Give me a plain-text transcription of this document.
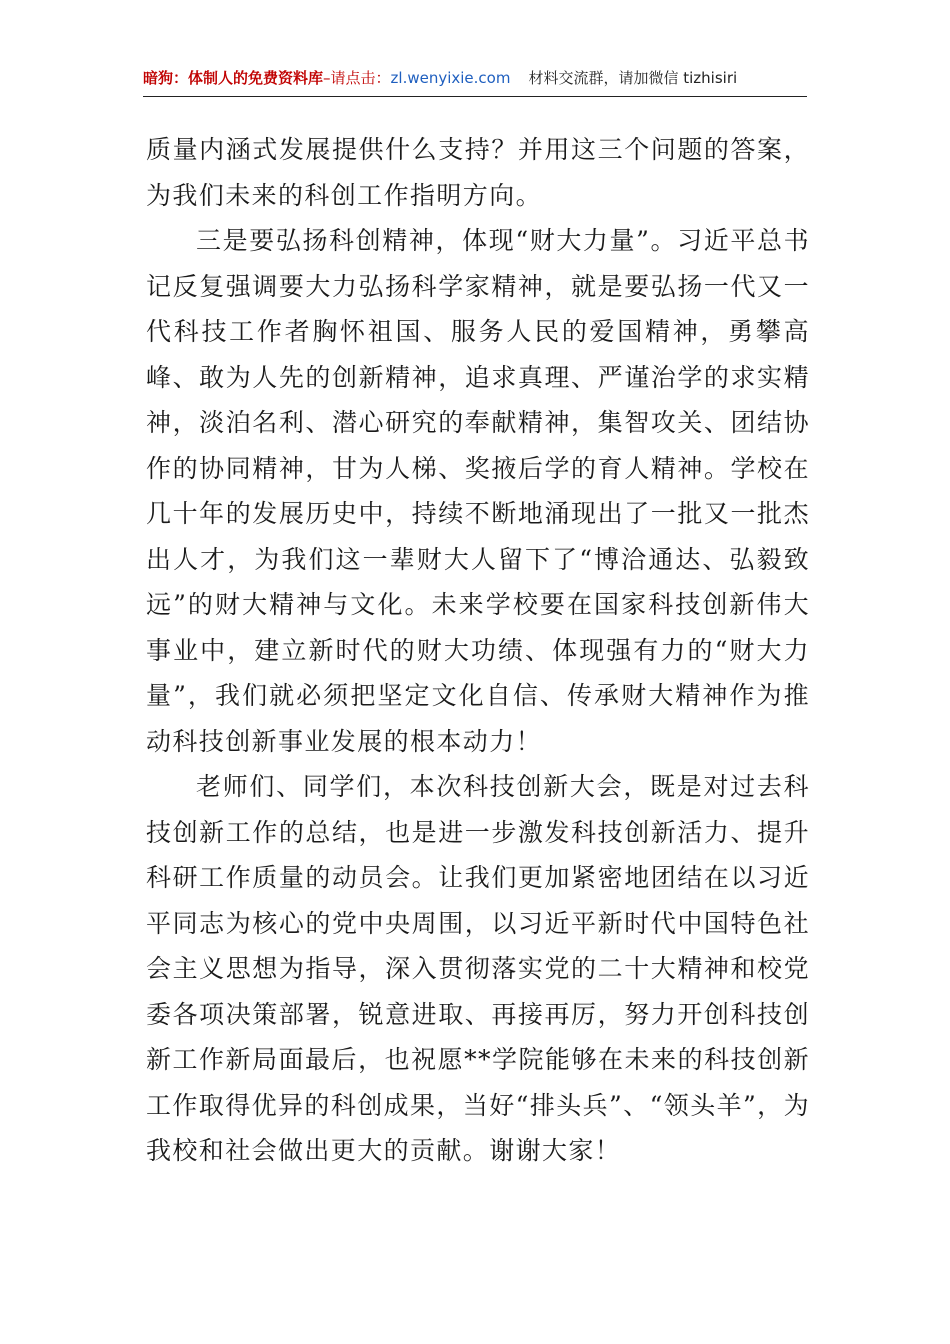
暗狗：体制人的免费资料库–请点击：zl.wenyixie.com 材料交流群，请加微信 tizhisiri

质量内涵式发展提供什么支持？并用这三个问题的答案，为我们未来的科创工作指明方向。

三是要弘扬科创精神，体现“财大力量”。习近平总书记反复强调要大力弘扬科学家精神，就是要弘扬一代又一代科技工作者胸怀祖国、服务人民的爱国精神，勇攀高峰、敢为人先的创新精神，追求真理、严谨治学的求实精神，淡泊名利、潜心研究的奉献精神，集智攻关、团结协作的协同精神，甘为人梯、奖掖后学的育人精神。学校在几十年的发展历史中，持续不断地涌现出了一批又一批杰出人才，为我们这一辈财大人留下了“博洽通达、弘毅致远”的财大精神与文化。未来学校要在国家科技创新伟大事业中，建立新时代的财大功绩、体现强有力的“财大力量”，我们就必须把坚定文化自信、传承财大精神作为推动科技创新事业发展的根本动力！

老师们、同学们，本次科技创新大会，既是对过去科技创新工作的总结，也是进一步激发科技创新活力、提升科研工作质量的动员会。让我们更加紧密地团结在以习近平同志为核心的党中央周围，以习近平新时代中国特色社会主义思想为指导，深入贯彻落实党的二十大精神和校党委各项决策部署，锐意进取、再接再厉，努力开创科技创新工作新局面最后，也祝愿**学院能够在未来的科技创新工作取得优异的科创成果，当好“排头兵”、“领头羊”，为我校和社会做出更大的贡献。谢谢大家！
